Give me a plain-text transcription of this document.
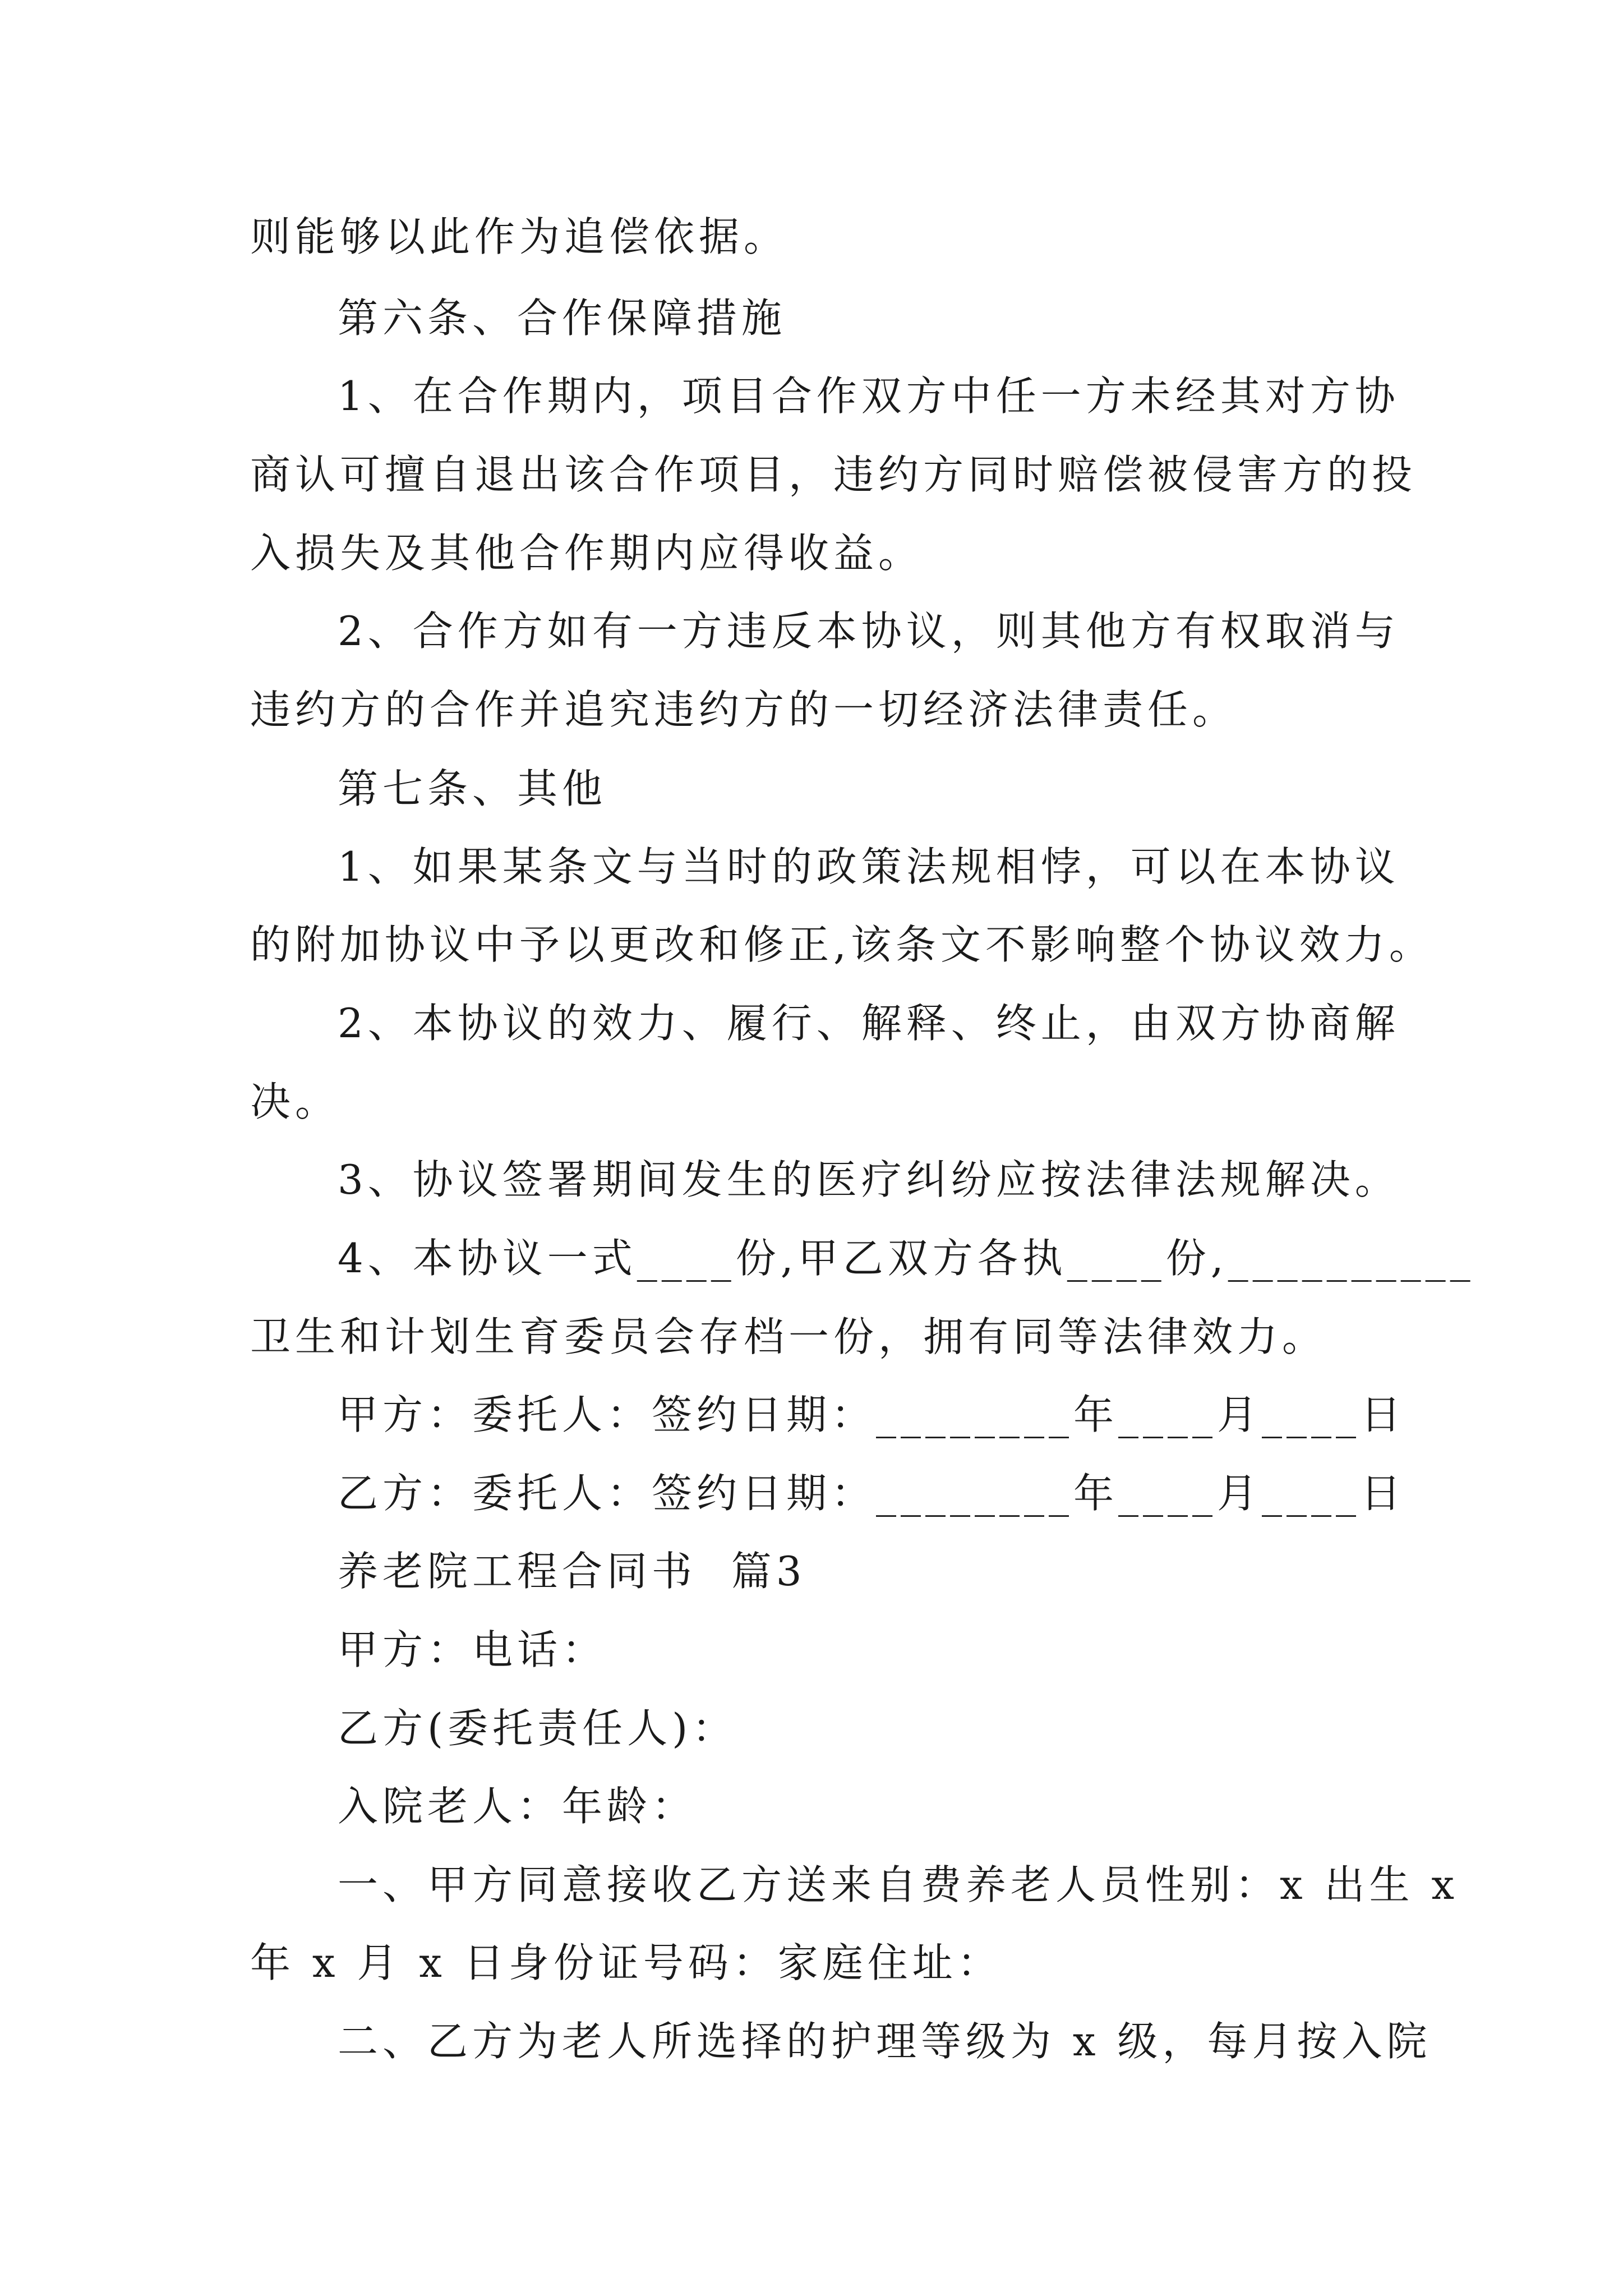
则能够以此作为追偿依据。
第六条、合作保障措施
1、在合作期内，项目合作双方中任一方未经其对方协
商认可擅自退出该合作项目，违约方同时赔偿被侵害方的投
入损失及其他合作期内应得收益。
2、合作方如有一方违反本协议，则其他方有权取消与
违约方的合作并追究违约方的一切经济法律责任。
第七条、其他
1、如果某条文与当时的政策法规相悖，可以在本协议
的附加协议中予以更改和修正,该条文不影响整个协议效力。
2、本协议的效力、履行、解释、终止，由双方协商解
决。
3、协议签署期间发生的医疗纠纷应按法律法规解决。
4、本协议一式____份,甲乙双方各执____份,__________
卫生和计划生育委员会存档一份，拥有同等法律效力。
甲方：委托人：签约日期：________年____月____日
乙方：委托人：签约日期：________年____月____日
养老院工程合同书  篇3
甲方：电话：
乙方(委托责任人)：
入院老人：年龄：
一、甲方同意接收乙方送来自费养老人员性别：x 出生 x
年 x 月 x 日身份证号码：家庭住址：
二、乙方为老人所选择的护理等级为 x 级，每月按入院
